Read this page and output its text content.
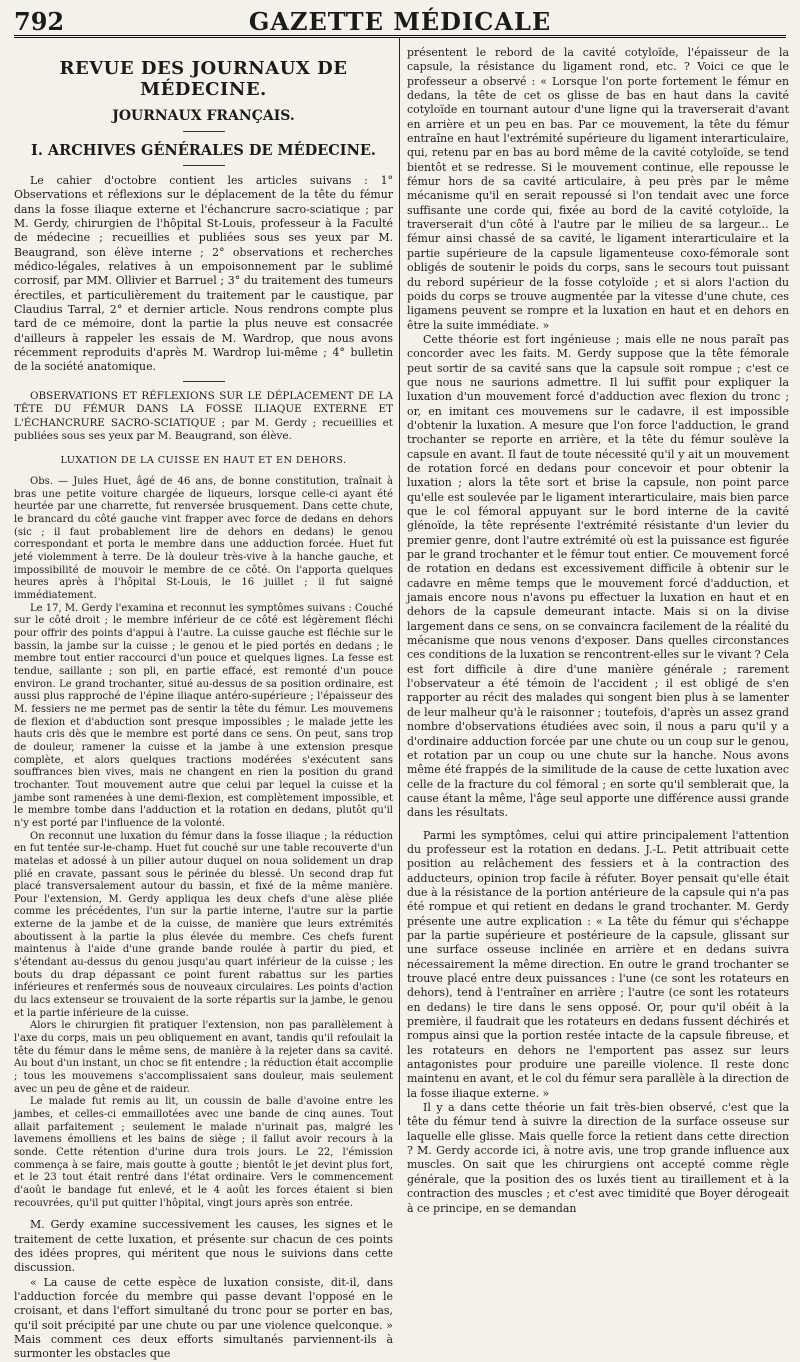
792	GAZETTE MÉDICALE
REVUE DES JOURNAUX DE MÉDECINE.
JOURNAUX FRANÇAIS.
I. ARCHIVES GÉNÉRALES DE MÉDECINE.

Le cahier d'octobre contient les articles suivans : 1° Observations et réflexions sur le déplacement de la tête du fémur dans la fosse iliaque externe et l'échancrure sacro-sciatique ; par M. Gerdy, chirurgien de l'hôpital St-Louis, professeur à la Faculté de médecine ; recueillies et publiées sous ses yeux par M. Beaugrand, son élève interne ; 2° observations et recherches médico-légales, relatives à un empoisonnement par le sublimé corrosif, par MM. Ollivier et Barruel ; 3° du traitement des tumeurs érectiles, et particulièrement du traitement par le caustique, par Claudius Tarral, 2° et dernier article. Nous rendrons compte plus tard de ce mémoire, dont la partie la plus neuve est consacrée d'ailleurs à rappeler les essais de M. Wardrop, que nous avons récemment reproduits d'après M. Wardrop lui-même ; 4° bulletin de la société anatomique.

OBSERVATIONS ET RÉFLEXIONS SUR LE DÉPLACEMENT DE LA TÊTE DU FÉMUR DANS LA FOSSE ILIAQUE EXTERNE ET L'ÉCHANCRURE SACRO-SCIATIQUE ; par M. Gerdy ; recueillies et publiées sous ses yeux par M. Beaugrand, son élève.

LUXATION DE LA CUISSE EN HAUT ET EN DEHORS.

Obs. — Jules Huet, âgé de 46 ans, de bonne constitution, traînait à bras une petite voiture chargée de liqueurs, lorsque celle-ci ayant été heurtée par une charrette, fut renversée brusquement. Dans cette chute, le brancard du côté gauche vint frapper avec force de dedans en dehors (sic ; il faut probablement lire de dehors en dedans) le genou correspondant et porta le membre dans une adduction forcée. Huet fut jeté violemment à terre. De là douleur très-vive à la hanche gauche, et impossibilité de mouvoir le membre de ce côté. On l'apporta quelques heures après à l'hôpital St-Louis, le 16 juillet ; il fut saigné immédiatement.

Le 17, M. Gerdy l'examina et reconnut les symptômes suivans : Couché sur le côté droit ; le membre inférieur de ce côté est légèrement fléchi pour offrir des points d'appui à l'autre. La cuisse gauche est fléchie sur le bassin, la jambe sur la cuisse ; le genou et le pied portés en dedans ; le membre tout entier raccourci d'un pouce et quelques lignes. La fesse est tendue, saillante ; son pli, en partie effacé, est remonté d'un pouce environ. Le grand trochanter, situé au-dessus de sa position ordinaire, est aussi plus rapproché de l'épine iliaque antéro-supérieure ; l'épaisseur des M. fessiers ne me permet pas de sentir la tête du fémur. Les mouvemens de flexion et d'abduction sont presque impossibles ; le malade jette les hauts cris dès que le membre est porté dans ce sens. On peut, sans trop de douleur, ramener la cuisse et la jambe à une extension presque complète, et alors quelques tractions modérées s'exécutent sans souffrances bien vives, mais ne changent en rien la position du grand trochanter. Tout mouvement autre que celui par lequel la cuisse et la jambe sont ramenées à une demi-flexion, est complètement impossible, et le membre tombe dans l'adduction et la rotation en dedans, plutôt qu'il n'y est porté par l'influence de la volonté.

On reconnut une luxation du fémur dans la fosse iliaque ; la réduction en fut tentée sur-le-champ. Huet fut couché sur une table recouverte d'un matelas et adossé à un pilier autour duquel on noua solidement un drap plié en cravate, passant sous le périnée du blessé. Un second drap fut placé transversalement autour du bassin, et fixé de la même manière. Pour l'extension, M. Gerdy appliqua les deux chefs d'une alèse pliée comme les précédentes, l'un sur la partie interne, l'autre sur la partie externe de la jambe et de la cuisse, de manière que leurs extrémités aboutissent à la partie la plus élevée du membre. Ces chefs furent maintenus à l'aide d'une grande bande roulée à partir du pied, et s'étendant au-dessus du genou jusqu'au quart inférieur de la cuisse ; les bouts du drap dépassant ce point furent rabattus sur les parties inférieures et renfermés sous de nouveaux circulaires. Les points d'action du lacs extenseur se trouvaient de la sorte répartis sur la jambe, le genou et la partie inférieure de la cuisse.

Alors le chirurgien fit pratiquer l'extension, non pas parallèlement à l'axe du corps, mais un peu obliquement en avant, tandis qu'il refoulait la tête du fémur dans le même sens, de manière à la rejeter dans sa cavité. Au bout d'un instant, un choc se fit entendre ; la réduction était accomplie ; tous les mouvemens s'accomplissaient sans douleur, mais seulement avec un peu de gêne et de raideur.

Le malade fut remis au lit, un coussin de balle d'avoine entre les jambes, et celles-ci emmaillotées avec une bande de cinq aunes. Tout allait parfaitement ; seulement le malade n'urinait pas, malgré les lavemens émolliens et les bains de siège ; il fallut avoir recours à la sonde. Cette rétention d'urine dura trois jours. Le 22, l'émission commença à se faire, mais goutte à goutte ; bientôt le jet devint plus fort, et le 23 tout était rentré dans l'état ordinaire. Vers le commencement d'août le bandage fut enlevé, et le 4 août les forces étaient si bien recouvrées, qu'il put quitter l'hôpital, vingt jours après son entrée.

M. Gerdy examine successivement les causes, les signes et le traitement de cette luxation, et présente sur chacun de ces points des idées propres, qui méritent que nous le suivions dans cette discussion.

« La cause de cette espèce de luxation consiste, dit-il, dans l'adduction forcée du membre qui passe devant l'opposé en le croisant, et dans l'effort simultané du tronc pour se porter en bas, qu'il soit précipité par une chute ou par une violence quelconque. » Mais comment ces deux efforts simultanés parviennent-ils à surmonter les obstacles que

présentent le rebord de la cavité cotyloïde, l'épaisseur de la capsule, la résistance du ligament rond, etc. ? Voici ce que le professeur a observé : « Lorsque l'on porte fortement le fémur en dedans, la tête de cet os glisse de bas en haut dans la cavité cotyloïde en tournant autour d'une ligne qui la traverserait d'avant en arrière et un peu en bas. Par ce mouvement, la tête du fémur entraîne en haut l'extrémité supérieure du ligament interarticulaire, qui, retenu par en bas au bord même de la cavité cotyloïde, se tend bientôt et se redresse. Si le mouvement continue, elle repousse le fémur hors de sa cavité articulaire, à peu près par le même mécanisme qu'il en serait repoussé si l'on tendait avec une force suffisante une corde qui, fixée au bord de la cavité cotyloïde, la traverserait d'un côté à l'autre par le milieu de sa largeur... Le fémur ainsi chassé de sa cavité, le ligament interarticulaire et la partie supérieure de la capsule ligamenteuse coxo-fémorale sont obligés de soutenir le poids du corps, sans le secours tout puissant du rebord supérieur de la fosse cotyloïde ; et si alors l'action du poids du corps se trouve augmentée par la vitesse d'une chute, ces ligamens peuvent se rompre et la luxation en haut et en dehors en être la suite immédiate. »

Cette théorie est fort ingénieuse ; mais elle ne nous paraît pas concorder avec les faits. M. Gerdy suppose que la tête fémorale peut sortir de sa cavité sans que la capsule soit rompue ; c'est ce que nous ne saurions admettre. Il lui suffit pour expliquer la luxation d'un mouvement forcé d'adduction avec flexion du tronc ; or, en imitant ces mouvemens sur le cadavre, il est impossible d'obtenir la luxation. A mesure que l'on force l'adduction, le grand trochanter se reporte en arrière, et la tête du fémur soulève la capsule en avant. Il faut de toute nécessité qu'il y ait un mouvement de rotation forcé en dedans pour concevoir et pour obtenir la luxation ; alors la tête sort et brise la capsule, non point parce qu'elle est soulevée par le ligament interarticulaire, mais bien parce que le col fémoral appuyant sur le bord interne de la cavité glénoïde, la tête représente l'extrémité résistante d'un levier du premier genre, dont l'autre extrémité où est la puissance est figurée par le grand trochanter et le fémur tout entier. Ce mouvement forcé de rotation en dedans est excessivement difficile à obtenir sur le cadavre en même temps que le mouvement forcé d'adduction, et jamais encore nous n'avons pu effectuer la luxation en haut et en dehors de la capsule demeurant intacte. Mais si on la divise largement dans ce sens, on se convaincra facilement de la réalité du mécanisme que nous venons d'exposer. Dans quelles circonstances ces conditions de la luxation se rencontrent-elles sur le vivant ? Cela est fort difficile à dire d'une manière générale ; rarement l'observateur a été témoin de l'accident ; il est obligé de s'en rapporter au récit des malades qui songent bien plus à se lamenter de leur malheur qu'à le raisonner ; toutefois, d'après un assez grand nombre d'observations étudiées avec soin, il nous a paru qu'il y a d'ordinaire adduction forcée par une chute ou un coup sur le genou, et rotation par un coup ou une chute sur la hanche. Nous avons même été frappés de la similitude de la cause de cette luxation avec celle de la fracture du col fémoral ; en sorte qu'il semblerait que, la cause étant la même, l'âge seul apporte une différence aussi grande dans les résultats.

Parmi les symptômes, celui qui attire principalement l'attention du professeur est la rotation en dedans. J.-L. Petit attribuait cette position au relâchement des fessiers et à la contraction des adducteurs, opinion trop facile à réfuter. Boyer pensait qu'elle était due à la résistance de la portion antérieure de la capsule qui n'a pas été rompue et qui retient en dedans le grand trochanter. M. Gerdy présente une autre explication : « La tête du fémur qui s'échappe par la partie supérieure et postérieure de la capsule, glissant sur une surface osseuse inclinée en arrière et en dedans suivra nécessairement la même direction. En outre le grand trochanter se trouve placé entre deux puissances : l'une (ce sont les rotateurs en dehors), tend à l'entraîner en arrière ; l'autre (ce sont les rotateurs en dedans) le tire dans le sens opposé. Or, pour qu'il obéit à la première, il faudrait que les rotateurs en dedans fussent déchirés et rompus ainsi que la portion restée intacte de la capsule fibreuse, et les rotateurs en dehors ne l'emportent pas assez sur leurs antagonistes pour produire une pareille violence. Il reste donc maintenu en avant, et le col du fémur sera parallèle à la direction de la fosse iliaque externe. »

Il y a dans cette théorie un fait très-bien observé, c'est que la tête du fémur tend à suivre la direction de la surface osseuse sur laquelle elle glisse. Mais quelle force la retient dans cette direction ? M. Gerdy accorde ici, à notre avis, une trop grande influence aux muscles. On sait que les chirurgiens ont accepté comme règle générale, que la position des os luxés tient au tiraillement et à la contraction des muscles ; et c'est avec timidité que Boyer dérogeait à ce principe, en se demandan
